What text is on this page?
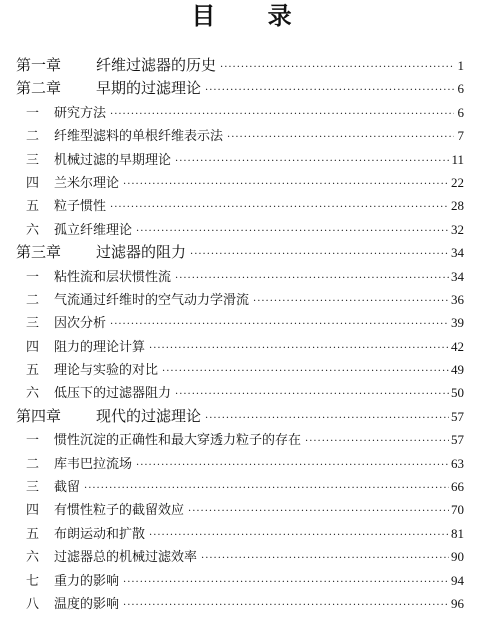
目 录
第一章	纤维过滤器的历史 ·····	1
第二章	早期的过滤理论 ·····	6
一	研究方法 ·····	6
二	纤维型滤料的单根纤维表示法 ·····	7
三	机械过滤的早期理论 ·····	11
四	兰米尔理论 ·····	22
五	粒子惯性 ·····	28
六	孤立纤维理论 ·····	32
第三章	过滤器的阻力 ·····	34
一	粘性流和层状惯性流 ·····	34
二	气流通过纤维时的空气动力学滑流 ·····	36
三	因次分析 ·····	39
四	阻力的理论计算 ·····	42
五	理论与实验的对比 ·····	49
六	低压下的过滤器阻力 ·····	50
第四章	现代的过滤理论 ·····	57
一	惯性沉淀的正确性和最大穿透力粒子的存在 ·····	57
二	库韦巴拉流场 ·····	63
三	截留 ·····	66
四	有惯性粒子的截留效应 ·····	70
五	布朗运动和扩散 ·····	81
六	过滤器总的机械过滤效率 ·····	90
七	重力的影响 ·····	94
八	温度的影响 ·····	96
